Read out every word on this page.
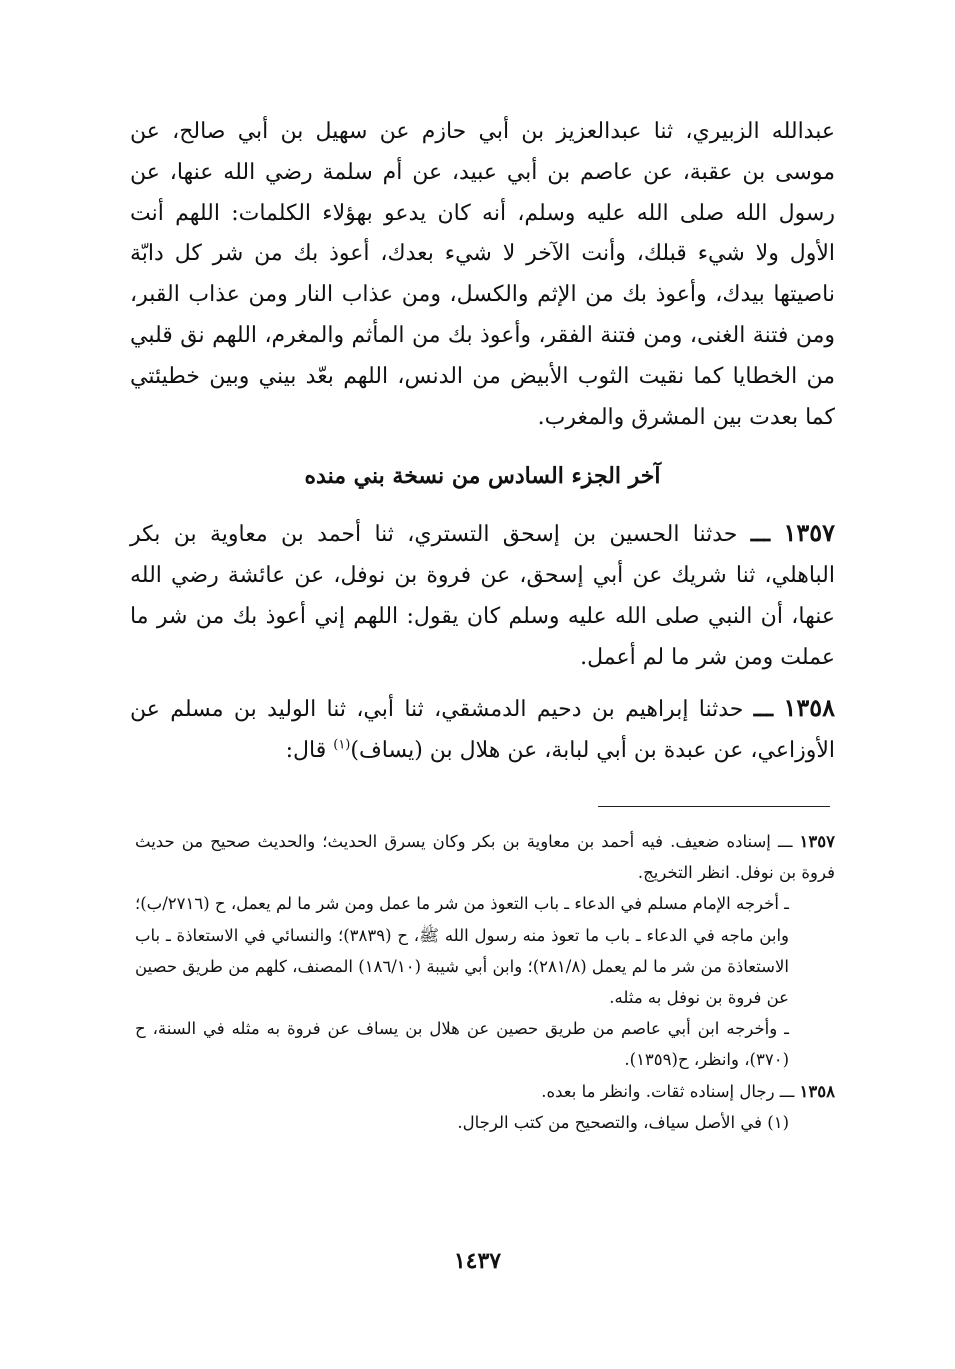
عبدالله الزبيري، ثنا عبدالعزيز بن أبي حازم عن سهيل بن أبي صالح، عن موسى بن عقبة، عن عاصم بن أبي عبيد، عن أم سلمة رضي الله عنها، عن رسول الله صلى الله عليه وسلم، أنه كان يدعو بهؤلاء الكلمات: اللهم أنت الأول ولا شيء قبلك، وأنت الآخر لا شيء بعدك، أعوذ بك من شر كل دابّة ناصيتها بيدك، وأعوذ بك من الإثم والكسل، ومن عذاب النار ومن عذاب القبر، ومن فتنة الغنى، ومن فتنة الفقر، وأعوذ بك من المأثم والمغرم، اللهم نق قلبي من الخطايا كما نقيت الثوب الأبيض من الدنس، اللهم بعّد بيني وبين خطيئتي كما بعدت بين المشرق والمغرب.

آخر الجزء السادس من نسخة بني منده

١٣٥٧ ـــ حدثنا الحسين بن إسحق التستري، ثنا أحمد بن معاوية بن بكر الباهلي، ثنا شريك عن أبي إسحق، عن فروة بن نوفل، عن عائشة رضي الله عنها، أن النبي صلى الله عليه وسلم كان يقول: اللهم إني أعوذ بك من شر ما عملت ومن شر ما لم أعمل.

١٣٥٨ ـــ حدثنا إبراهيم بن دحيم الدمشقي، ثنا أبي، ثنا الوليد بن مسلم عن الأوزاعي، عن عبدة بن أبي لبابة، عن هلال بن (يساف)$^{(١)}$ قال:

١٣٥٧ ـــ إسناده ضعيف. فيه أحمد بن معاوية بن بكر وكان يسرق الحديث؛ والحديث صحيح من حديث فروة بن نوفل. انظر التخريج.

ـ أخرجه الإمام مسلم في الدعاء ـ باب التعوذ من شر ما عمل ومن شر ما لم يعمل، ح (٢٧١٦/ب)؛ وابن ماجه في الدعاء ـ باب ما تعوذ منه رسول الله ﷺ، ح (٣٨٣٩)؛ والنسائي في الاستعاذة ـ باب الاستعاذة من شر ما لم يعمل (٢٨١/٨)؛ وابن أبي شيبة (١٨٦/١٠) المصنف، كلهم من طريق حصين عن فروة بن نوفل به مثله.

ـ وأخرجه ابن أبي عاصم من طريق حصين عن هلال بن يساف عن فروة به مثله في السنة، ح (٣٧٠)، وانظر، ح(١٣٥٩).

١٣٥٨ ـــ رجال إسناده ثقات. وانظر ما بعده.

(١) في الأصل سياف، والتصحيح من كتب الرجال.

١٤٣٧
